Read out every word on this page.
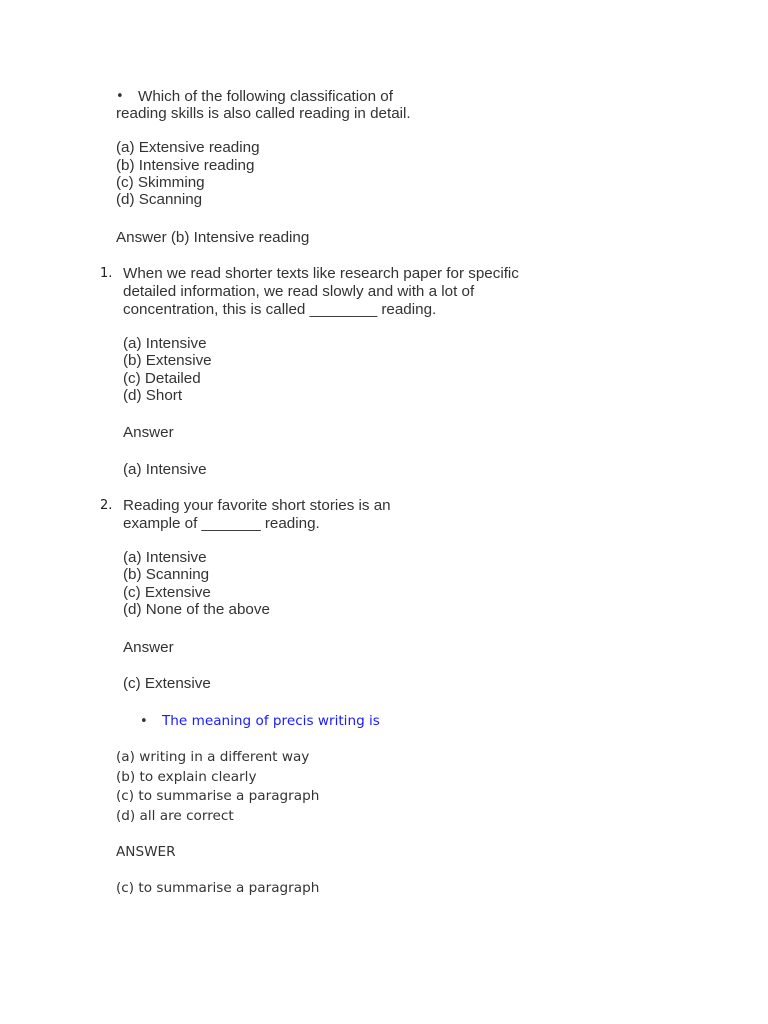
• Which of the following classification of

reading skills is also called reading in detail.

(a) Extensive reading

(b) Intensive reading

(c) Skimming

(d) Scanning

Answer (b) Intensive reading

1. When we read shorter texts like research paper for specific

detailed information, we read slowly and with a lot of

concentration, this is called ________ reading.

(a) Intensive

(b) Extensive

(c) Detailed

(d) Short

Answer

(a) Intensive

2. Reading your favorite short stories is an

example of _______ reading.

(a) Intensive

(b) Scanning

(c) Extensive

(d) None of the above

Answer

(c) Extensive

• The meaning of precis writing is

(a) writing in a different way

(b) to explain clearly

(c) to summarise a paragraph

(d) all are correct

ANSWER

(c) to summarise a paragraph
